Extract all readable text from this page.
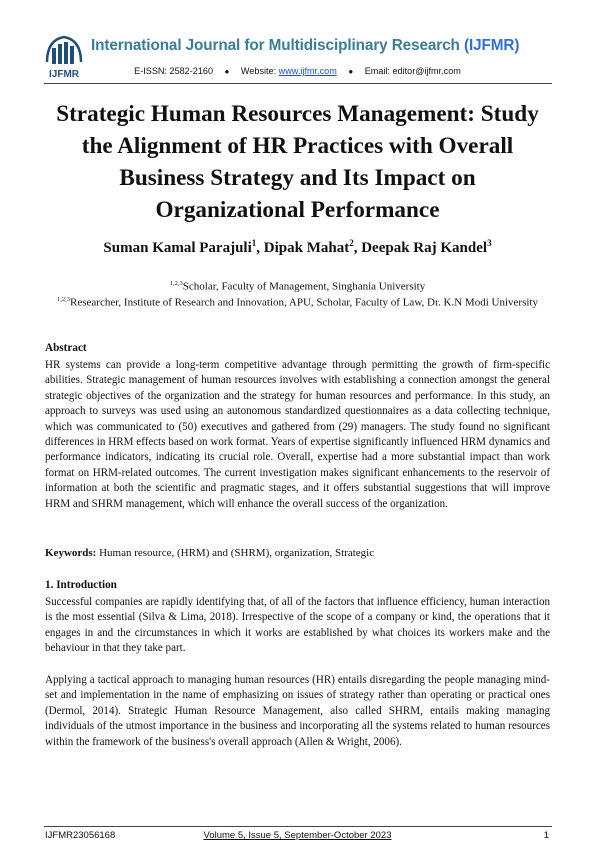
IJFMR
International Journal for Multidisciplinary Research (IJFMR)
E-ISSN: 2582-2160 ● Website: www.ijfmr.com ● Email: editor@ijfmr.com
Strategic Human Resources Management: Study
the Alignment of HR Practices with Overall
Business Strategy and Its Impact on
Organizational Performance
Suman Kamal Parajuli$^1$, Dipak Mahat$^2$, Deepak Raj Kandel$^3$
$^{1,2,3}$Scholar, Faculty of Management, Singhania University
$^{1,2,3}$Researcher, Institute of Research and Innovation, APU, Scholar, Faculty of Law, Dr. K.N Modi University
Abstract
HR systems can provide a long-term competitive advantage through permitting the growth of firm-specific abilities. Strategic management of human resources involves with establishing a connection amongst the general strategic objectives of the organization and the strategy for human resources and performance. In this study, an approach to surveys was used using an autonomous standardized questionnaires as a data collecting technique, which was communicated to (50) executives and gathered from (29) managers. The study found no significant differences in HRM effects based on work format. Years of expertise significantly influenced HRM dynamics and performance indicators, indicating its crucial role. Overall, expertise had a more substantial impact than work format on HRM-related outcomes. The current investigation makes significant enhancements to the reservoir of information at both the scientific and pragmatic stages, and it offers substantial suggestions that will improve HRM and SHRM management, which will enhance the overall success of the organization.
Keywords: Human resource, (HRM) and (SHRM), organization, Strategic
1. Introduction
Successful companies are rapidly identifying that, of all of the factors that influence efficiency, human interaction is the most essential (Silva & Lima, 2018). Irrespective of the scope of a company or kind, the operations that it engages in and the circumstances in which it works are established by what choices its workers make and the behaviour in that they take part.
Applying a tactical approach to managing human resources (HR) entails disregarding the people managing mind-set and implementation in the name of emphasizing on issues of strategy rather than operating or practical ones (Dermol, 2014). Strategic Human Resource Management, also called SHRM, entails making managing individuals of the utmost importance in the business and incorporating all the systems related to human resources within the framework of the business's overall approach (Allen & Wright, 2006).
IJFMR23056168	Volume 5, Issue 5, September-October 2023	1
